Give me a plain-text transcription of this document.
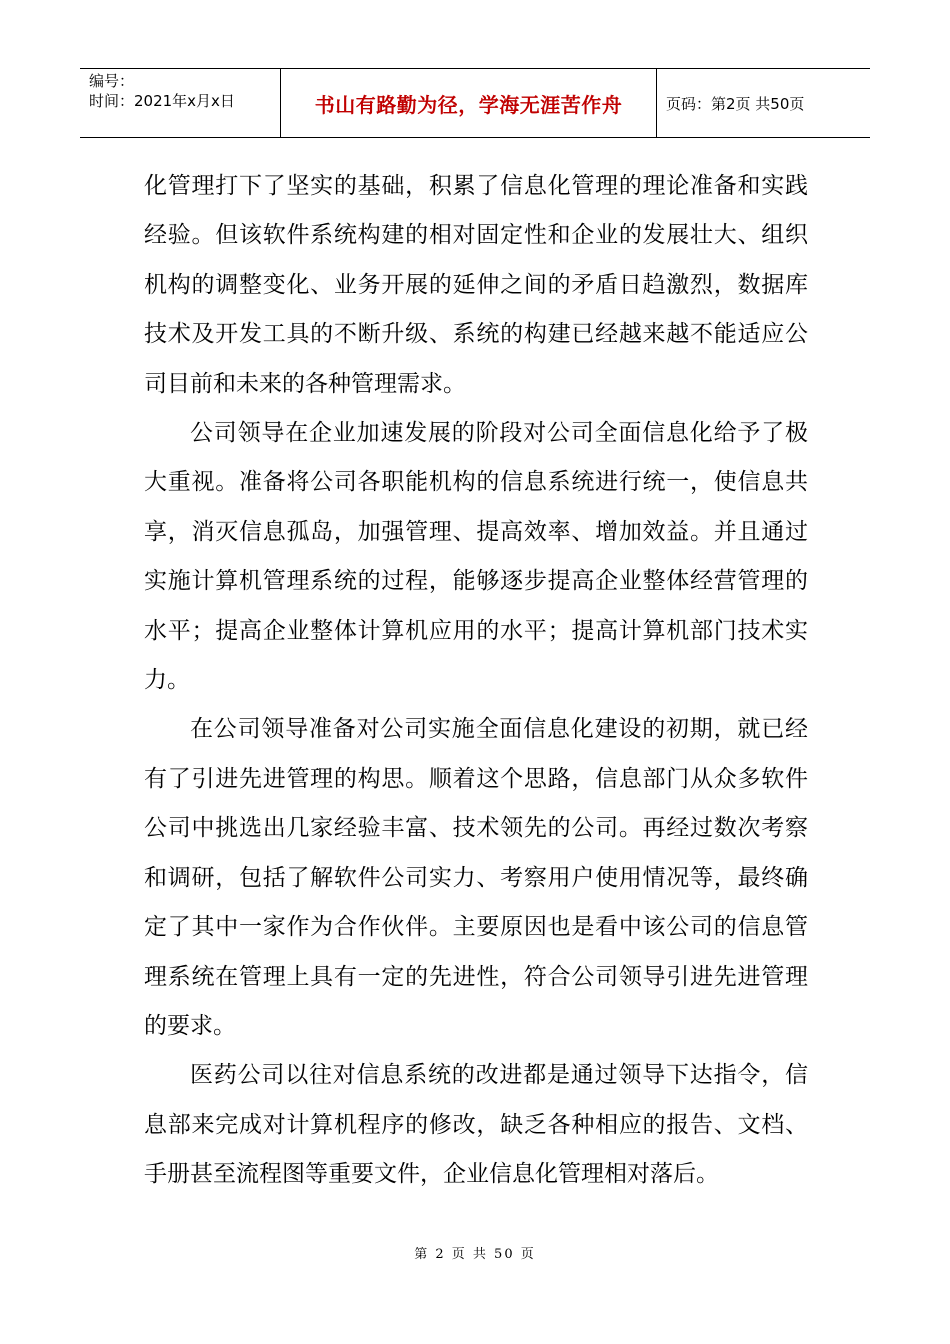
编号：
时间：2021年x月x日	书山有路勤为径，学海无涯苦作舟	页码：第2页 共50页

化管理打下了坚实的基础，积累了信息化管理的理论准备和实践经验。但该软件系统构建的相对固定性和企业的发展壮大、组织机构的调整变化、业务开展的延伸之间的矛盾日趋激烈，数据库技术及开发工具的不断升级、系统的构建已经越来越不能适应公司目前和未来的各种管理需求。

公司领导在企业加速发展的阶段对公司全面信息化给予了极大重视。准备将公司各职能机构的信息系统进行统一，使信息共享，消灭信息孤岛，加强管理、提高效率、增加效益。并且通过实施计算机管理系统的过程，能够逐步提高企业整体经营管理的水平；提高企业整体计算机应用的水平；提高计算机部门技术实力。

在公司领导准备对公司实施全面信息化建设的初期，就已经有了引进先进管理的构思。顺着这个思路，信息部门从众多软件公司中挑选出几家经验丰富、技术领先的公司。再经过数次考察和调研，包括了解软件公司实力、考察用户使用情况等，最终确定了其中一家作为合作伙伴。主要原因也是看中该公司的信息管理系统在管理上具有一定的先进性，符合公司领导引进先进管理的要求。

医药公司以往对信息系统的改进都是通过领导下达指令，信息部来完成对计算机程序的修改，缺乏各种相应的报告、文档、手册甚至流程图等重要文件，企业信息化管理相对落后。

第 2 页 共 50 页
